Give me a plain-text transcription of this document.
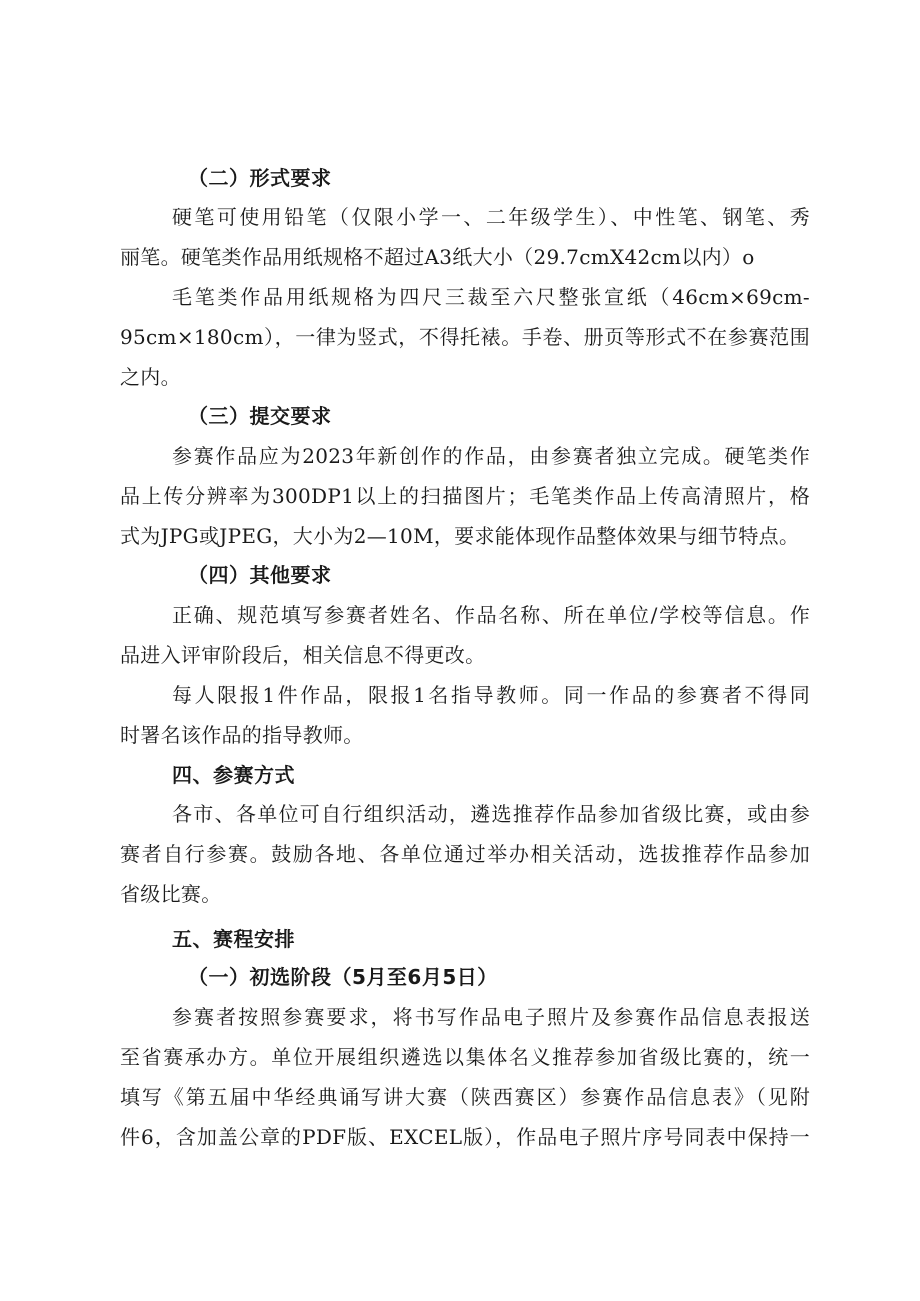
（二）形式要求
硬笔可使用铅笔（仅限小学一、二年级学生）、中性笔、钢笔、秀
丽笔。硬笔类作品用纸规格不超过A3纸大小（29.7cmX42cm以内）o
毛笔类作品用纸规格为四尺三裁至六尺整张宣纸（46cm×69cm-
95cm×180cm），一律为竖式，不得托裱。手卷、册页等形式不在参赛范围
之内。
（三）提交要求
参赛作品应为2023年新创作的作品，由参赛者独立完成。硬笔类作
品上传分辨率为300DP1以上的扫描图片；毛笔类作品上传高清照片，格
式为JPG或JPEG，大小为2—10M，要求能体现作品整体效果与细节特点。
（四）其他要求
正确、规范填写参赛者姓名、作品名称、所在单位/学校等信息。作
品进入评审阶段后，相关信息不得更改。
每人限报1件作品，限报1名指导教师。同一作品的参赛者不得同
时署名该作品的指导教师。
四、参赛方式
各市、各单位可自行组织活动，遴选推荐作品参加省级比赛，或由参
赛者自行参赛。鼓励各地、各单位通过举办相关活动，选拔推荐作品参加
省级比赛。
五、赛程安排
（一）初选阶段（5月至6月5日）
参赛者按照参赛要求，将书写作品电子照片及参赛作品信息表报送
至省赛承办方。单位开展组织遴选以集体名义推荐参加省级比赛的，统一
填写《第五届中华经典诵写讲大赛（陕西赛区）参赛作品信息表》（见附
件6，含加盖公章的PDF版、EXCEL版），作品电子照片序号同表中保持一
